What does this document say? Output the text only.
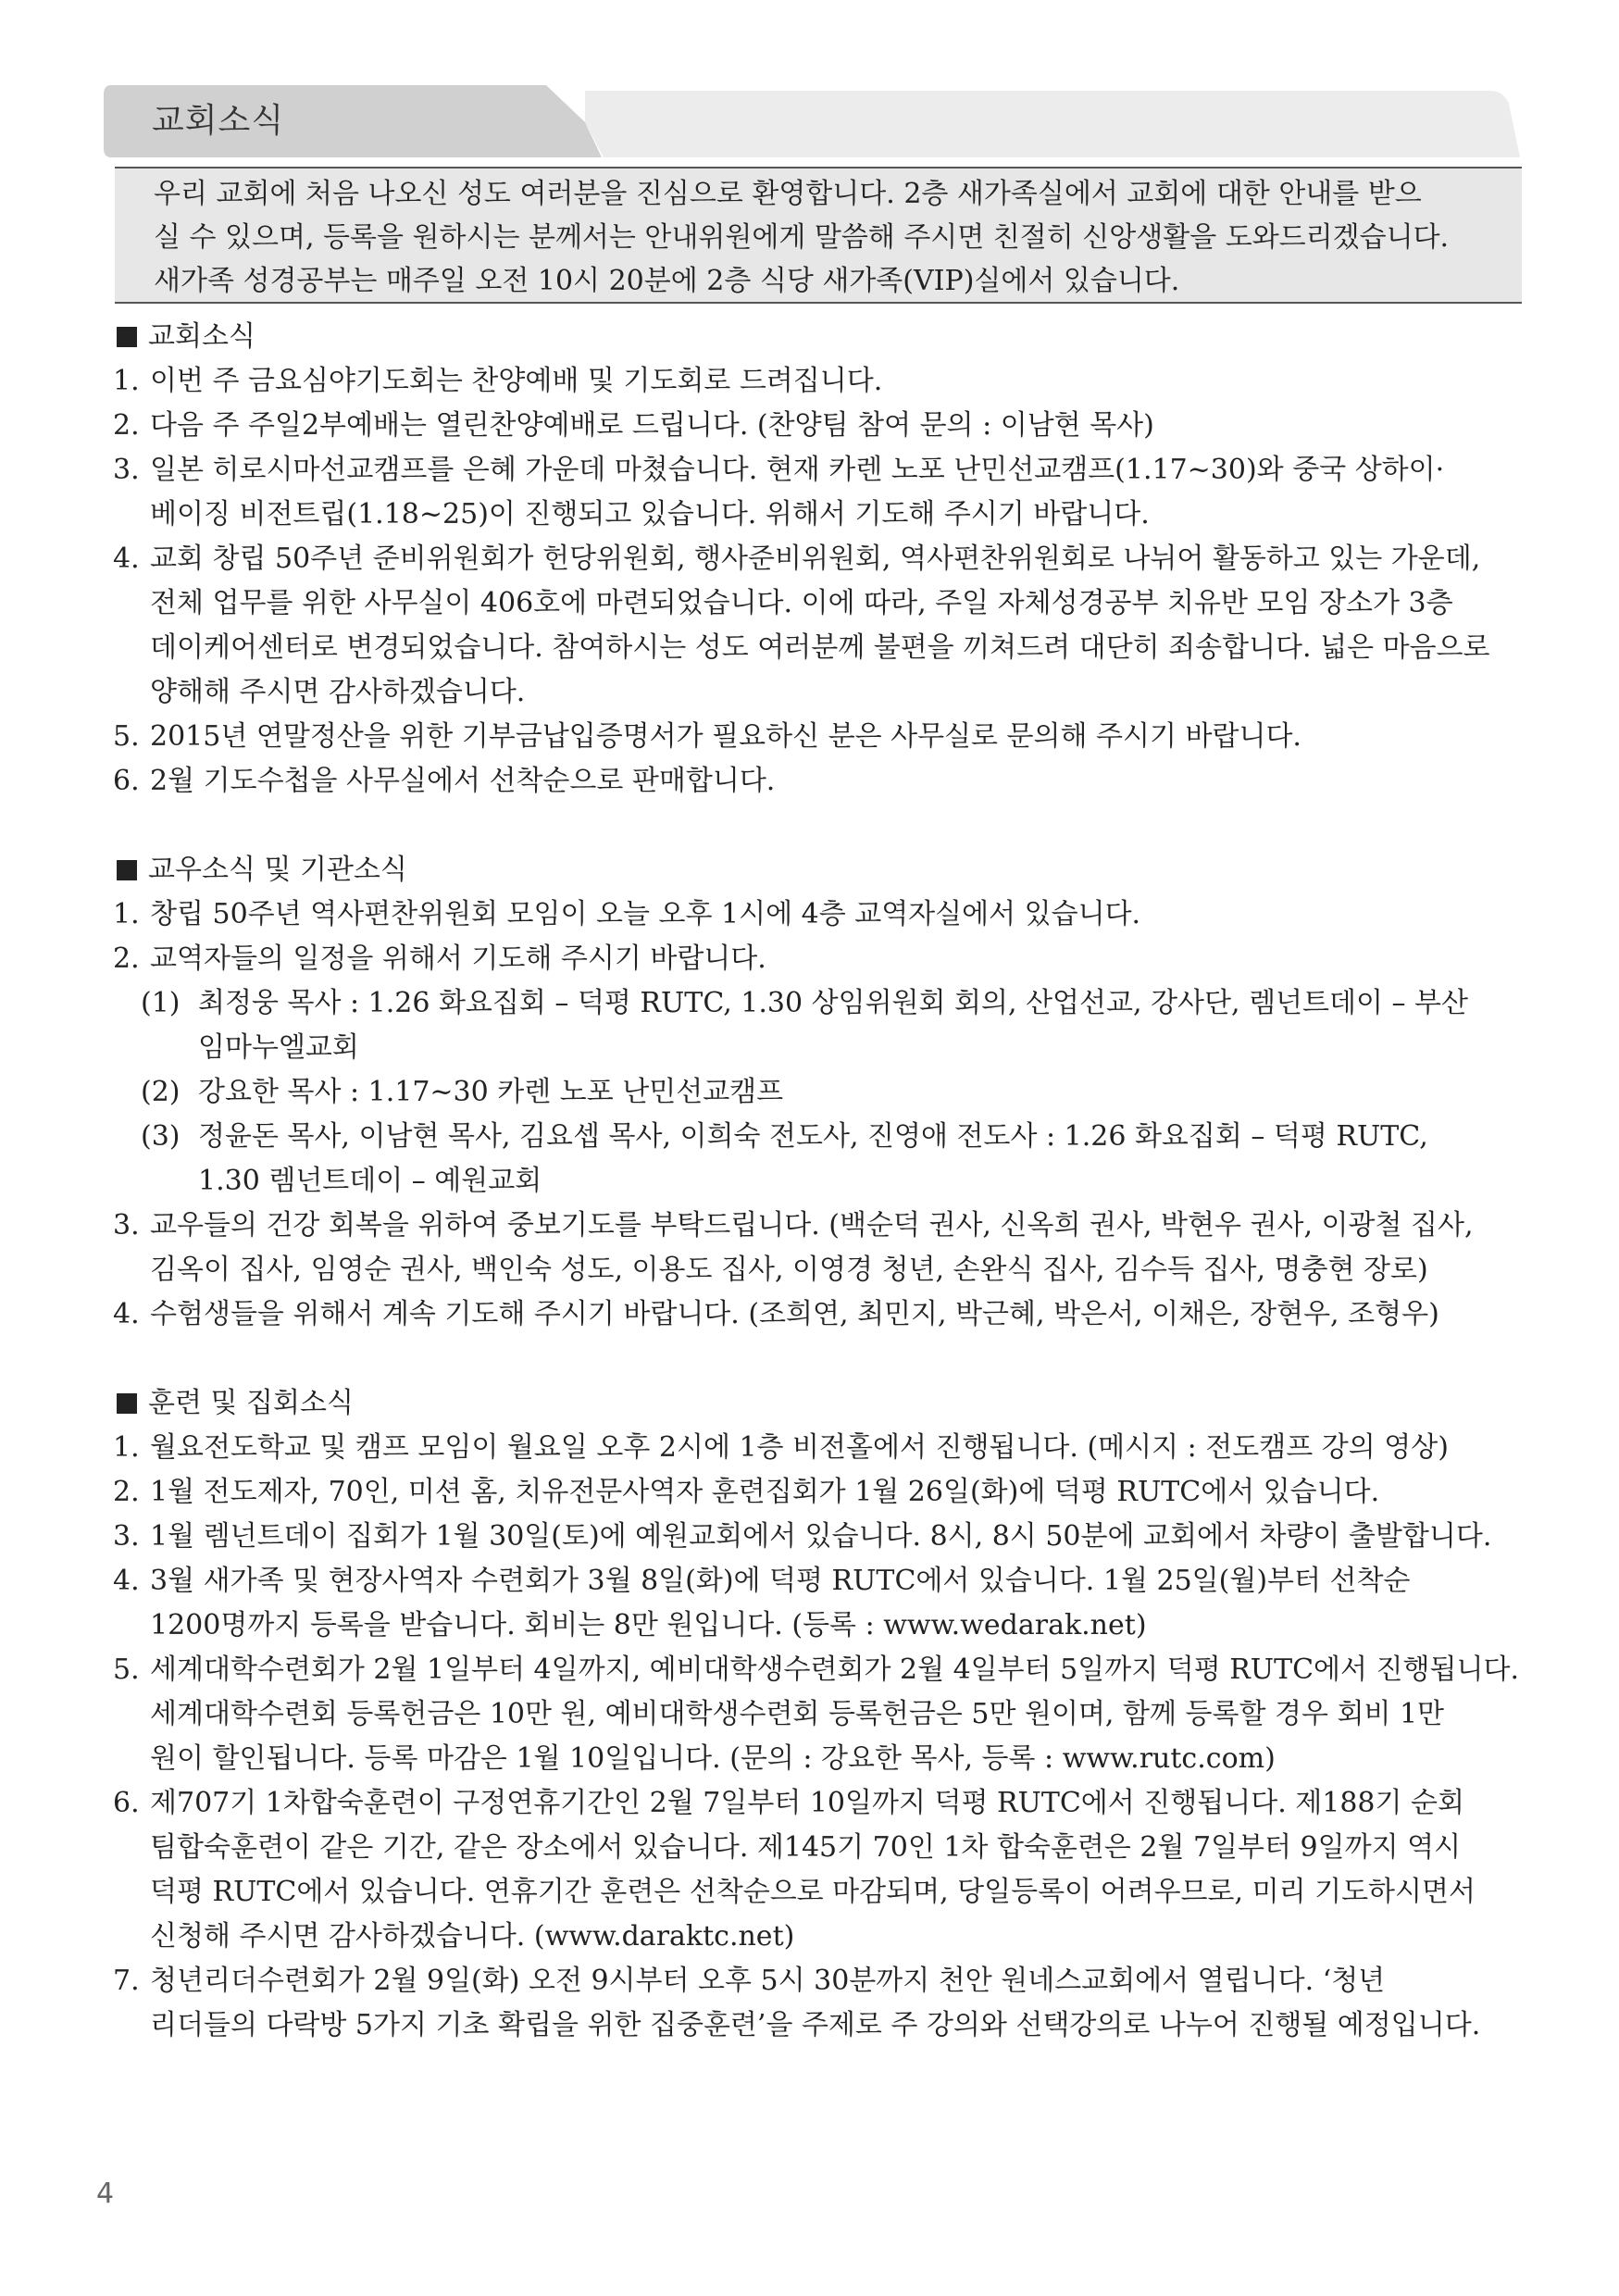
교회소식

우리 교회에 처음 나오신 성도 여러분을 진심으로 환영합니다. 2층 새가족실에서 교회에 대한 안내를 받으

실 수 있으며, 등록을 원하시는 분께서는 안내위원에게 말씀해 주시면 친절히 신앙생활을 도와드리겠습니다.

새가족 성경공부는 매주일 오전 10시 20분에 2층 식당 새가족(VIP)실에서 있습니다.

교회소식
1. 이번 주 금요심야기도회는 찬양예배 및 기도회로 드려집니다.
2. 다음 주 주일2부예배는 열린찬양예배로 드립니다. (찬양팀 참여 문의 : 이남현 목사)
3. 일본 히로시마선교캠프를 은혜 가운데 마쳤습니다. 현재 카렌 노포 난민선교캠프(1.17~30)와 중국 상하이·
베이징 비전트립(1.18~25)이 진행되고 있습니다. 위해서 기도해 주시기 바랍니다.
4. 교회 창립 50주년 준비위원회가 헌당위원회, 행사준비위원회, 역사편찬위원회로 나뉘어 활동하고 있는 가운데,
전체 업무를 위한 사무실이 406호에 마련되었습니다. 이에 따라, 주일 자체성경공부 치유반 모임 장소가 3층
데이케어센터로 변경되었습니다. 참여하시는 성도 여러분께 불편을 끼쳐드려 대단히 죄송합니다. 넓은 마음으로
양해해 주시면 감사하겠습니다.
5. 2015년 연말정산을 위한 기부금납입증명서가 필요하신 분은 사무실로 문의해 주시기 바랍니다.
6. 2월 기도수첩을 사무실에서 선착순으로 판매합니다.
교우소식 및 기관소식
1. 창립 50주년 역사편찬위원회 모임이 오늘 오후 1시에 4층 교역자실에서 있습니다.
2. 교역자들의 일정을 위해서 기도해 주시기 바랍니다.
(1) 최정웅 목사 : 1.26 화요집회 – 덕평 RUTC, 1.30 상임위원회 회의, 산업선교, 강사단, 렘넌트데이 – 부산
임마누엘교회
(2) 강요한 목사 : 1.17~30 카렌 노포 난민선교캠프
(3) 정윤돈 목사, 이남현 목사, 김요셉 목사, 이희숙 전도사, 진영애 전도사 : 1.26 화요집회 – 덕평 RUTC,
1.30 렘넌트데이 – 예원교회
3. 교우들의 건강 회복을 위하여 중보기도를 부탁드립니다. (백순덕 권사, 신옥희 권사, 박현우 권사, 이광철 집사,
김옥이 집사, 임영순 권사, 백인숙 성도, 이용도 집사, 이영경 청년, 손완식 집사, 김수득 집사, 명충현 장로)
4. 수험생들을 위해서 계속 기도해 주시기 바랍니다. (조희연, 최민지, 박근혜, 박은서, 이채은, 장현우, 조형우)
훈련 및 집회소식
1. 월요전도학교 및 캠프 모임이 월요일 오후 2시에 1층 비전홀에서 진행됩니다. (메시지 : 전도캠프 강의 영상)
2. 1월 전도제자, 70인, 미션 홈, 치유전문사역자 훈련집회가 1월 26일(화)에 덕평 RUTC에서 있습니다.
3. 1월 렘넌트데이 집회가 1월 30일(토)에 예원교회에서 있습니다. 8시, 8시 50분에 교회에서 차량이 출발합니다.
4. 3월 새가족 및 현장사역자 수련회가 3월 8일(화)에 덕평 RUTC에서 있습니다. 1월 25일(월)부터 선착순
1200명까지 등록을 받습니다. 회비는 8만 원입니다. (등록 : www.wedarak.net)
5. 세계대학수련회가 2월 1일부터 4일까지, 예비대학생수련회가 2월 4일부터 5일까지 덕평 RUTC에서 진행됩니다.
세계대학수련회 등록헌금은 10만 원, 예비대학생수련회 등록헌금은 5만 원이며, 함께 등록할 경우 회비 1만
원이 할인됩니다. 등록 마감은 1월 10일입니다. (문의 : 강요한 목사, 등록 : www.rutc.com)
6. 제707기 1차합숙훈련이 구정연휴기간인 2월 7일부터 10일까지 덕평 RUTC에서 진행됩니다. 제188기 순회
팀합숙훈련이 같은 기간, 같은 장소에서 있습니다. 제145기 70인 1차 합숙훈련은 2월 7일부터 9일까지 역시
덕평 RUTC에서 있습니다. 연휴기간 훈련은 선착순으로 마감되며, 당일등록이 어려우므로, 미리 기도하시면서
신청해 주시면 감사하겠습니다. (www.daraktc.net)
7. 청년리더수련회가 2월 9일(화) 오전 9시부터 오후 5시 30분까지 천안 원네스교회에서 열립니다. ‘청년
리더들의 다락방 5가지 기초 확립을 위한 집중훈련’을 주제로 주 강의와 선택강의로 나누어 진행될 예정입니다.
4
